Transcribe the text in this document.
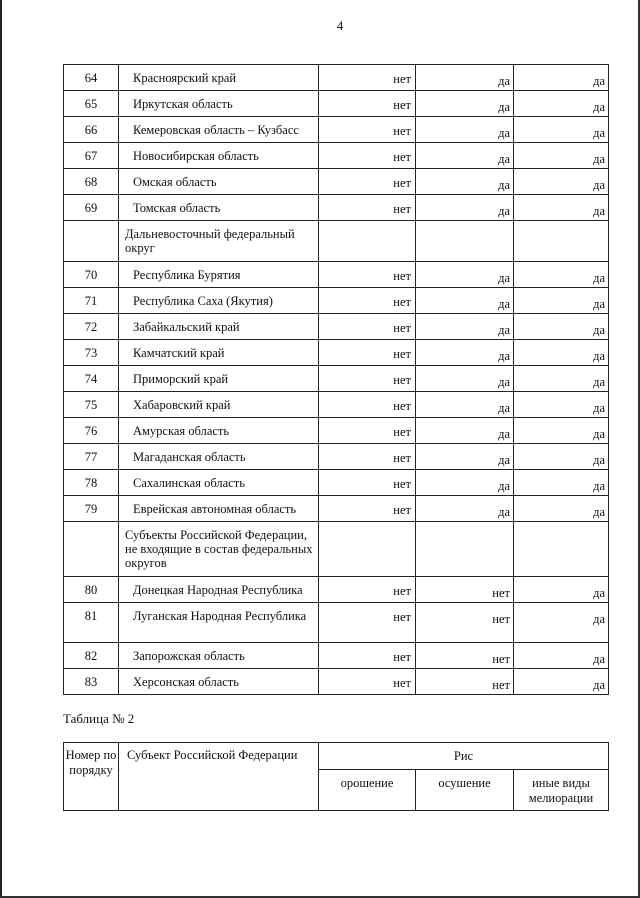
4
64	Красноярский край	нет	да	да
65	Иркутская область	нет	да	да
66	Кемеровская область – Кузбасс	нет	да	да
67	Новосибирская область	нет	да	да
68	Омская область	нет	да	да
69	Томская область	нет	да	да
	Дальневосточный федеральный округ			
70	Республика Бурятия	нет	да	да
71	Республика Саха (Якутия)	нет	да	да
72	Забайкальский край	нет	да	да
73	Камчатский край	нет	да	да
74	Приморский край	нет	да	да
75	Хабаровский край	нет	да	да
76	Амурская область	нет	да	да
77	Магаданская область	нет	да	да
78	Сахалинская область	нет	да	да
79	Еврейская автономная область	нет	да	да
	Субъекты Российской Федерации, не входящие в состав федеральных округов			
80	Донецкая Народная Республика	нет	нет	да
81	Луганская Народная Республика	нет	нет	да
82	Запорожская область	нет	нет	да
83	Херсонская область	нет	нет	да
Таблица № 2
Номер по порядку	Субъект Российской Федерации	Рис		
		орошение	осушение	иные виды мелиорации
